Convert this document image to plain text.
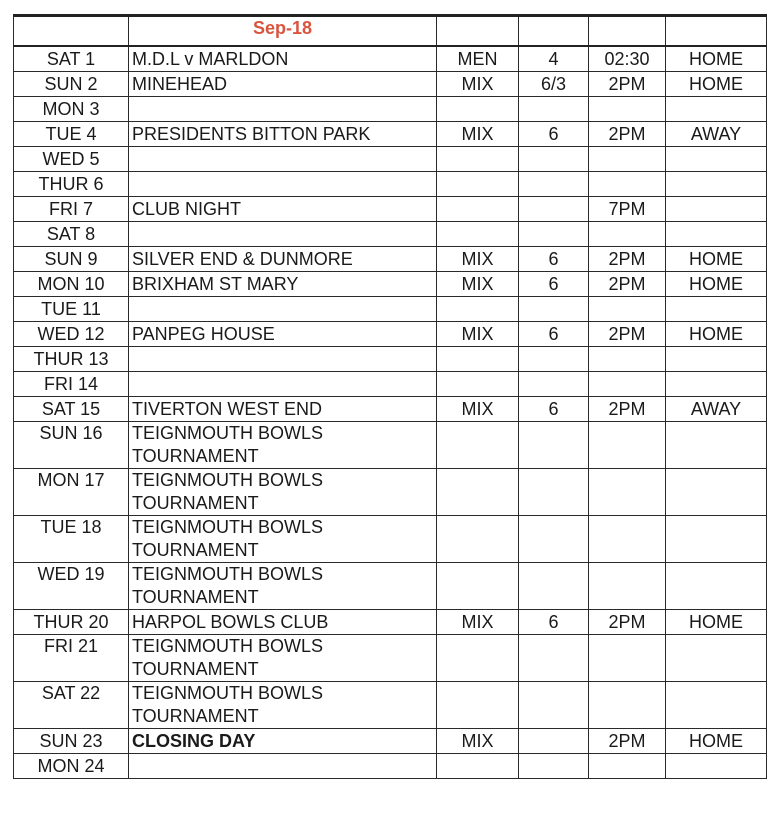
	Sep-18				
SAT 1	M.D.L v MARLDON	MEN	4	02:30	HOME
SUN 2	MINEHEAD	MIX	6/3	2PM	HOME
MON 3					
TUE 4	PRESIDENTS BITTON PARK	MIX	6	2PM	AWAY
WED 5					
THUR 6					
FRI 7	CLUB NIGHT			7PM	
SAT 8					
SUN 9	SILVER END & DUNMORE	MIX	6	2PM	HOME
MON 10	BRIXHAM ST MARY	MIX	6	2PM	HOME
TUE 11					
WED 12	PANPEG HOUSE	MIX	6	2PM	HOME
THUR 13					
FRI 14					
SAT 15	TIVERTON WEST END	MIX	6	2PM	AWAY
SUN 16	TEIGNMOUTH BOWLS TOURNAMENT				
MON 17	TEIGNMOUTH BOWLS TOURNAMENT				
TUE 18	TEIGNMOUTH BOWLS TOURNAMENT				
WED 19	TEIGNMOUTH BOWLS TOURNAMENT				
THUR 20	HARPOL BOWLS CLUB	MIX	6	2PM	HOME
FRI 21	TEIGNMOUTH BOWLS TOURNAMENT				
SAT 22	TEIGNMOUTH BOWLS TOURNAMENT				
SUN 23	CLOSING DAY	MIX		2PM	HOME
MON 24					
